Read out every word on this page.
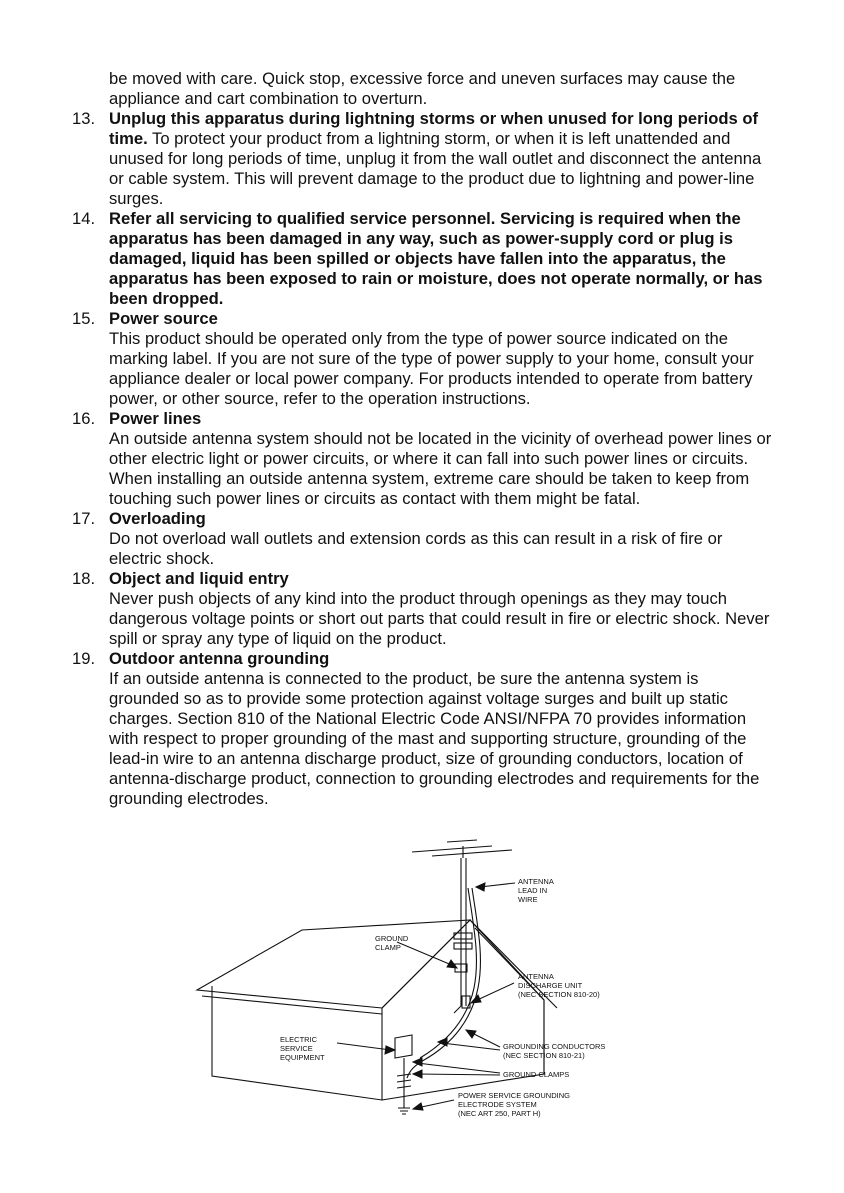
be moved with care. Quick stop, excessive force and uneven surfaces may cause the appliance and cart combination to overturn.
13. Unplug this apparatus during lightning storms or when unused for long periods of time. To protect your product from a lightning storm, or when it is left unattended and unused for long periods of time, unplug it from the wall outlet and disconnect the antenna or cable system. This will prevent damage to the product due to lightning and power-line surges.
14. Refer all servicing to qualified service personnel. Servicing is required when the apparatus has been damaged in any way, such as power-supply cord or plug is damaged, liquid has been spilled or objects have fallen into the apparatus, the apparatus has been exposed to rain or moisture, does not operate normally, or has been dropped.
15. Power source
This product should be operated only from the type of power source indicated on the marking label. If you are not sure of the type of power supply to your home, consult your appliance dealer or local power company. For products intended to operate from battery power, or other source, refer to the operation instructions.
16. Power lines
An outside antenna system should not be located in the vicinity of overhead power lines or other electric light or power circuits, or where it can fall into such power lines or circuits. When installing an outside antenna system, extreme care should be taken to keep from touching such power lines or circuits as contact with them might be fatal.
17. Overloading
Do not overload wall outlets and extension cords as this can result in a risk of fire or electric shock.
18. Object and liquid entry
Never push objects of any kind into the product through openings as they may touch dangerous voltage points or short out parts that could result in fire or electric shock. Never spill or spray any type of liquid on the product.
19. Outdoor antenna grounding
If an outside antenna is connected to the product, be sure the antenna system is grounded so as to provide some protection against voltage surges and built up static charges. Section 810 of the National Electric Code ANSI/NFPA 70 provides information with respect to proper grounding of the mast and supporting structure, grounding of the lead-in wire to an antenna discharge product, size of grounding conductors, location of antenna-discharge product, connection to grounding electrodes and requirements for the grounding electrodes.
ANTENNA
LEAD IN
WIRE
GROUND
CLAMP
ANTENNA
DISCHARGE UNIT
(NEC SECTION 810-20)
ELECTRIC
SERVICE
EQUIPMENT
GROUNDING CONDUCTORS
(NEC SECTION 810-21)
GROUND CLAMPS
POWER SERVICE GROUNDING
ELECTRODE SYSTEM
(NEC ART 250, PART H)
